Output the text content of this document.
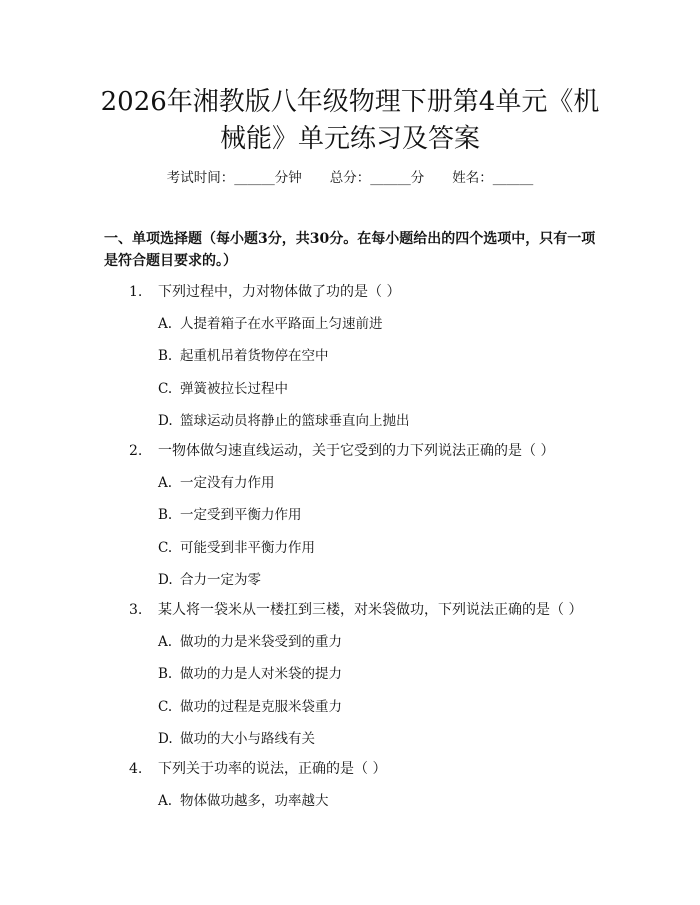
2026年湘教版八年级物理下册第4单元《机
械能》单元练习及答案
考试时间：______分钟 总分：______分 姓名：______
一、单项选择题（每小题3分，共30分。在每小题给出的四个选项中，只有一项
是符合题目要求的。）
1. 下列过程中，力对物体做了功的是（ ）
A. 人提着箱子在水平路面上匀速前进
B. 起重机吊着货物停在空中
C. 弹簧被拉长过程中
D. 篮球运动员将静止的篮球垂直向上抛出
2. 一物体做匀速直线运动，关于它受到的力下列说法正确的是（ ）
A. 一定没有力作用
B. 一定受到平衡力作用
C. 可能受到非平衡力作用
D. 合力一定为零
3. 某人将一袋米从一楼扛到三楼，对米袋做功，下列说法正确的是（ ）
A. 做功的力是米袋受到的重力
B. 做功的力是人对米袋的提力
C. 做功的过程是克服米袋重力
D. 做功的大小与路线有关
4. 下列关于功率的说法，正确的是（ ）
A. 物体做功越多，功率越大
